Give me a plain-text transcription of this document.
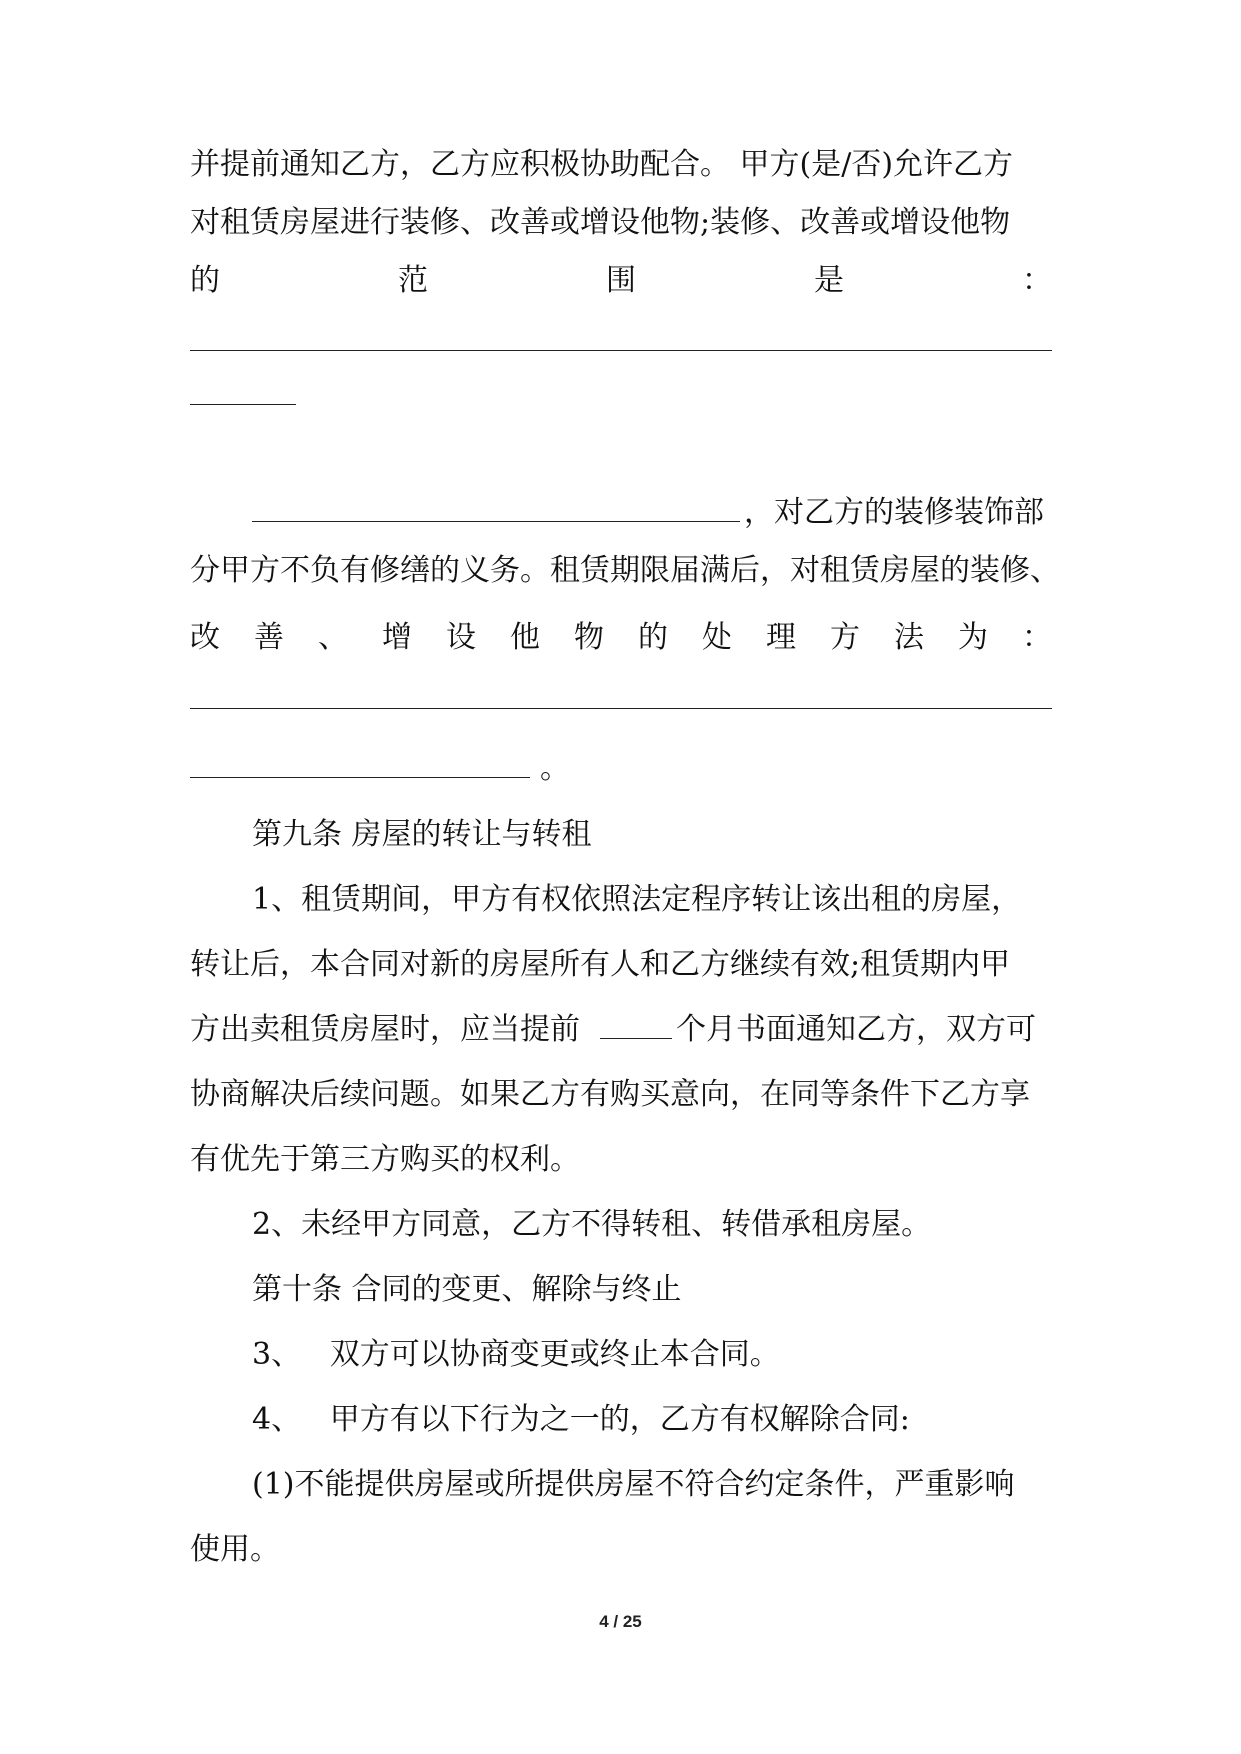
并提前通知乙方，乙方应积极协助配合。 甲方(是/否)允许乙方
对租赁房屋进行装修、改善或增设他物;装修、改善或增设他物
的	范	围	是	：
，对乙方的装修装饰部
分甲方不负有修缮的义务。租赁期限届满后，对租赁房屋的装修、
改 善 、 增 设 他 物 的 处 理 方 法 为 ：
。
第九条 房屋的转让与转租
1、租赁期间，甲方有权依照法定程序转让该出租的房屋，
转让后，本合同对新的房屋所有人和乙方继续有效;租赁期内甲
方出卖租赁房屋时，应当提前	个月书面通知乙方，双方可
协商解决后续问题。如果乙方有购买意向，在同等条件下乙方享
有优先于第三方购买的权利。
2、未经甲方同意，乙方不得转租、转借承租房屋。
第十条 合同的变更、解除与终止
3、   双方可以协商变更或终止本合同。
4、   甲方有以下行为之一的，乙方有权解除合同:
(1)不能提供房屋或所提供房屋不符合约定条件，严重影响
使用。
4 / 25
